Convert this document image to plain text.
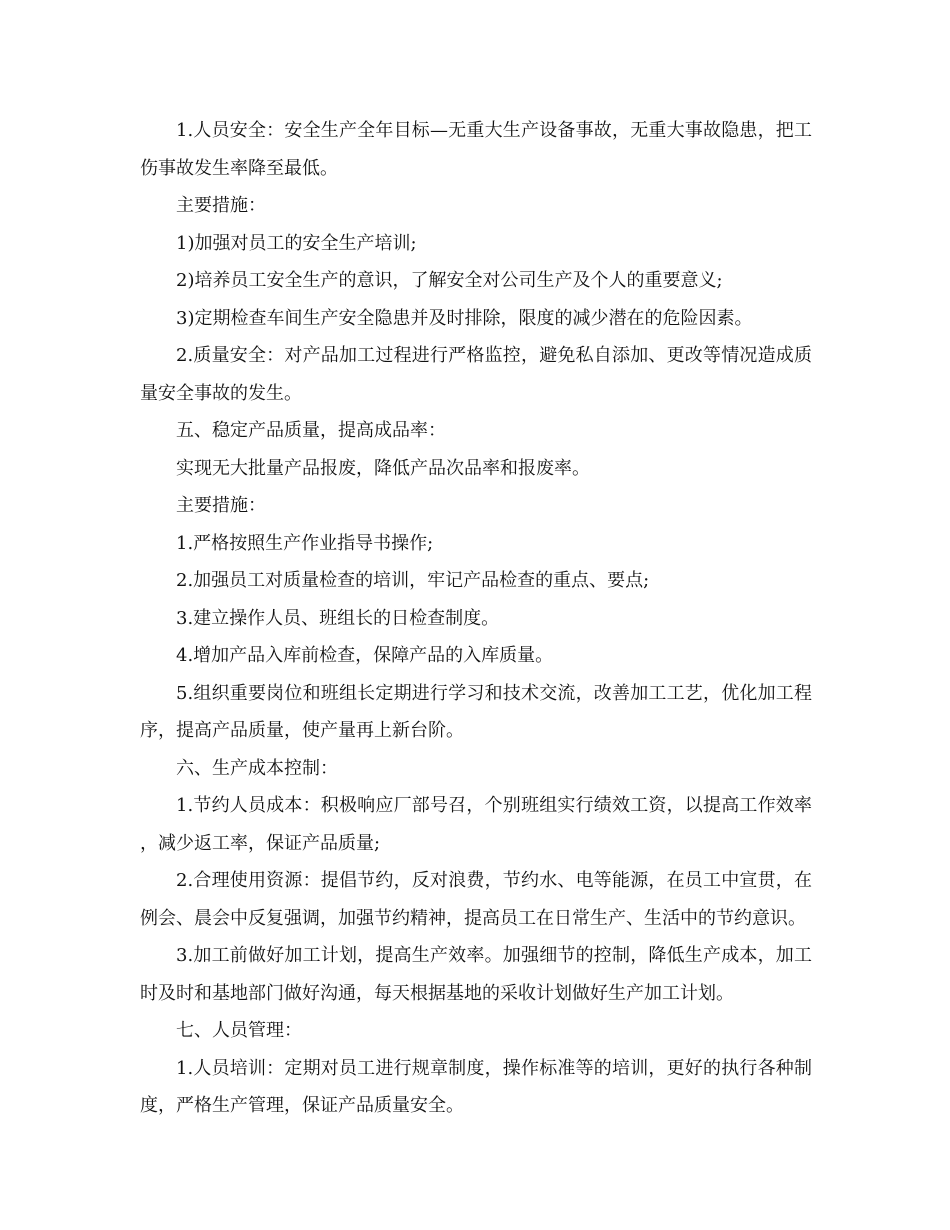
1.人员安全：安全生产全年目标—无重大生产设备事故，无重大事故隐患，把工伤事故发生率降至最低。

主要措施：

1)加强对员工的安全生产培训;

2)培养员工安全生产的意识，了解安全对公司生产及个人的重要意义;

3)定期检查车间生产安全隐患并及时排除，限度的减少潜在的危险因素。

2.质量安全：对产品加工过程进行严格监控，避免私自添加、更改等情况造成质量安全事故的发生。

五、稳定产品质量，提高成品率：

实现无大批量产品报废，降低产品次品率和报废率。

主要措施：

1.严格按照生产作业指导书操作;

2.加强员工对质量检查的培训，牢记产品检查的重点、要点;

3.建立操作人员、班组长的日检查制度。

4.增加产品入库前检查，保障产品的入库质量。

5.组织重要岗位和班组长定期进行学习和技术交流，改善加工工艺，优化加工程序，提高产品质量，使产量再上新台阶。

六、生产成本控制：

1.节约人员成本：积极响应厂部号召，个别班组实行绩效工资，以提高工作效率，减少返工率，保证产品质量;

2.合理使用资源：提倡节约，反对浪费，节约水、电等能源，在员工中宣贯，在例会、晨会中反复强调，加强节约精神，提高员工在日常生产、生活中的节约意识。

3.加工前做好加工计划，提高生产效率。加强细节的控制，降低生产成本，加工时及时和基地部门做好沟通，每天根据基地的采收计划做好生产加工计划。

七、人员管理：

1.人员培训：定期对员工进行规章制度，操作标准等的培训，更好的执行各种制度，严格生产管理，保证产品质量安全。
